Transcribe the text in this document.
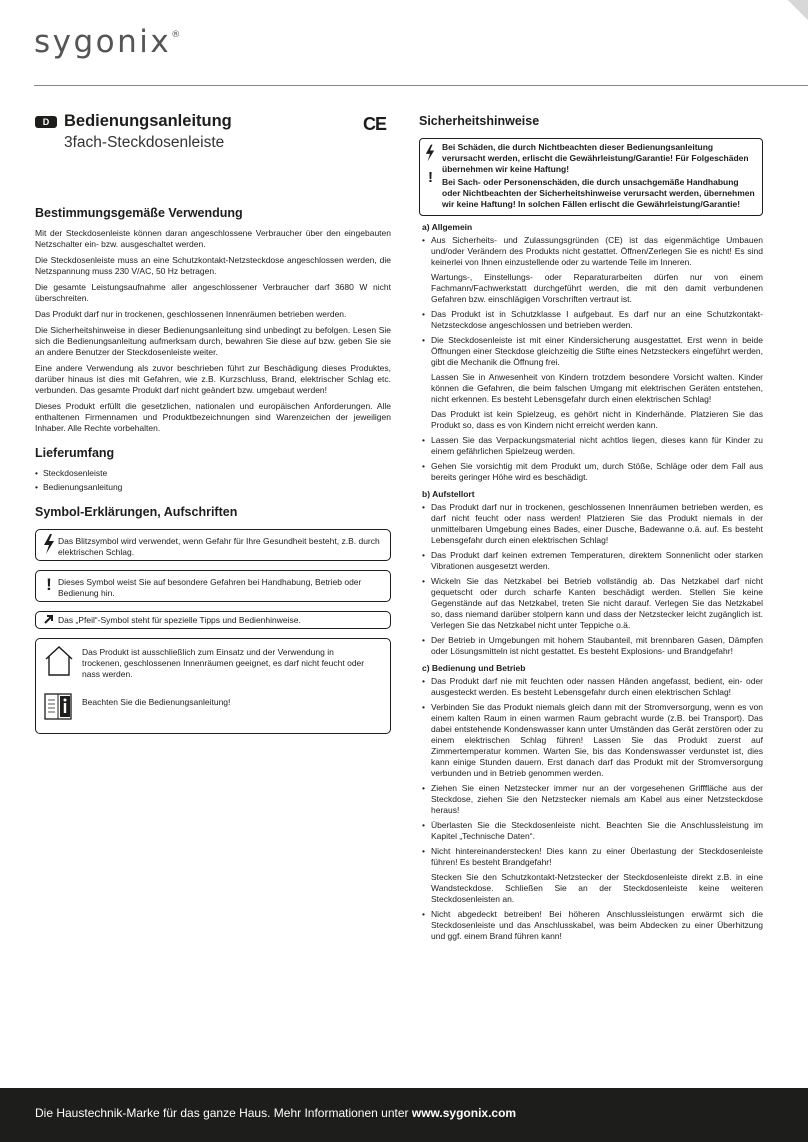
sygonix®
D Bedienungsanleitung
3fach-Steckdosenleiste
CE
Bestimmungsgemäße Verwendung

Mit der Steckdosenleiste können daran angeschlossene Verbraucher über den eingebauten Netzschalter ein- bzw. ausgeschaltet werden.

Die Steckdosenleiste muss an eine Schutzkontakt-Netzsteckdose angeschlossen werden, die Netzspannung muss 230 V/AC, 50 Hz betragen.

Die gesamte Leistungsaufnahme aller angeschlossener Verbraucher darf 3680 W nicht überschreiten.

Das Produkt darf nur in trockenen, geschlossenen Innenräumen betrieben werden.

Die Sicherheitshinweise in dieser Bedienungsanleitung sind unbedingt zu befolgen. Lesen Sie sich die Bedienungsanleitung aufmerksam durch, bewahren Sie diese auf bzw. geben Sie sie an andere Benutzer der Steckdosenleiste weiter.

Eine andere Verwendung als zuvor beschrieben führt zur Beschädigung dieses Produktes, darüber hinaus ist dies mit Gefahren, wie z.B. Kurzschluss, Brand, elektrischer Schlag etc. verbunden. Das gesamte Produkt darf nicht geändert bzw. umgebaut werden!

Dieses Produkt erfüllt die gesetzlichen, nationalen und europäischen Anforderungen. Alle enthaltenen Firmennamen und Produktbezeichnungen sind Warenzeichen der jeweiligen Inhaber. Alle Rechte vorbehalten.

Lieferumfang
• Steckdosenleiste
• Bedienungsanleitung
Symbol-Erklärungen, Aufschriften
Das Blitzsymbol wird verwendet, wenn Gefahr für Ihre Gesundheit besteht, z.B. durch elektrischen Schlag.
! Dieses Symbol weist Sie auf besondere Gefahren bei Handhabung, Betrieb oder Bedienung hin.
Das „Pfeil“-Symbol steht für spezielle Tipps und Bedienhinweise.
Das Produkt ist ausschließlich zum Einsatz und der Verwendung in trockenen, geschlossenen Innenräumen geeignet, es darf nicht feucht oder nass werden.
Beachten Sie die Bedienungsanleitung!
Sicherheitshinweise
!
Bei Schäden, die durch Nichtbeachten dieser Bedienungsanleitung verursacht werden, erlischt die Gewährleistung/Garantie! Für Folgeschäden übernehmen wir keine Haftung!
Bei Sach- oder Personenschäden, die durch unsachgemäße Handhabung oder Nichtbeachten der Sicherheitshinweise verursacht werden, übernehmen wir keine Haftung! In solchen Fällen erlischt die Gewährleistung/Garantie!
a) Allgemein
• Aus Sicherheits- und Zulassungsgründen (CE) ist das eigenmächtige Umbauen und/oder Verändern des Produkts nicht gestattet. Öffnen/Zerlegen Sie es nicht! Es sind keinerlei von Ihnen einzustellende oder zu wartende Teile im Inneren.
Wartungs-, Einstellungs- oder Reparaturarbeiten dürfen nur von einem Fachmann/Fachwerkstatt durchgeführt werden, die mit den damit verbundenen Gefahren bzw. einschlägigen Vorschriften vertraut ist.
• Das Produkt ist in Schutzklasse I aufgebaut. Es darf nur an eine Schutzkontakt-Netzsteckdose angeschlossen und betrieben werden.
• Die Steckdosenleiste ist mit einer Kindersicherung ausgestattet. Erst wenn in beide Öffnungen einer Steckdose gleichzeitig die Stifte eines Netzsteckers eingeführt werden, gibt die Mechanik die Öffnung frei.
Lassen Sie in Anwesenheit von Kindern trotzdem besondere Vorsicht walten. Kinder können die Gefahren, die beim falschen Umgang mit elektrischen Geräten entstehen, nicht erkennen. Es besteht Lebensgefahr durch einen elektrischen Schlag!
Das Produkt ist kein Spielzeug, es gehört nicht in Kinderhände. Platzieren Sie das Produkt so, dass es von Kindern nicht erreicht werden kann.
• Lassen Sie das Verpackungsmaterial nicht achtlos liegen, dieses kann für Kinder zu einem gefährlichen Spielzeug werden.
• Gehen Sie vorsichtig mit dem Produkt um, durch Stöße, Schläge oder dem Fall aus bereits geringer Höhe wird es beschädigt.
b) Aufstellort
• Das Produkt darf nur in trockenen, geschlossenen Innenräumen betrieben werden, es darf nicht feucht oder nass werden! Platzieren Sie das Produkt niemals in der unmittelbaren Umgebung eines Bades, einer Dusche, Badewanne o.ä. auf. Es besteht Lebensgefahr durch einen elektrischen Schlag!
• Das Produkt darf keinen extremen Temperaturen, direktem Sonnenlicht oder starken Vibrationen ausgesetzt werden.
• Wickeln Sie das Netzkabel bei Betrieb vollständig ab. Das Netzkabel darf nicht gequetscht oder durch scharfe Kanten beschädigt werden. Stellen Sie keine Gegenstände auf das Netzkabel, treten Sie nicht darauf. Verlegen Sie das Netzkabel so, dass niemand darüber stolpern kann und dass der Netzstecker leicht zugänglich ist. Verlegen Sie das Netzkabel nicht unter Teppiche o.ä.
• Der Betrieb in Umgebungen mit hohem Staubanteil, mit brennbaren Gasen, Dämpfen oder Lösungsmitteln ist nicht gestattet. Es besteht Explosions- und Brandgefahr!
c) Bedienung und Betrieb
• Das Produkt darf nie mit feuchten oder nassen Händen angefasst, bedient, ein- oder ausgesteckt werden. Es besteht Lebensgefahr durch einen elektrischen Schlag!
• Verbinden Sie das Produkt niemals gleich dann mit der Stromversorgung, wenn es von einem kalten Raum in einen warmen Raum gebracht wurde (z.B. bei Transport). Das dabei entstehende Kondenswasser kann unter Umständen das Gerät zerstören oder zu einem elektrischen Schlag führen! Lassen Sie das Produkt zuerst auf Zimmertemperatur kommen. Warten Sie, bis das Kondenswasser verdunstet ist, dies kann einige Stunden dauern. Erst danach darf das Produkt mit der Stromversorgung verbunden und in Betrieb genommen werden.
• Ziehen Sie einen Netzstecker immer nur an der vorgesehenen Grifffläche aus der Steckdose, ziehen Sie den Netzstecker niemals am Kabel aus einer Netzsteckdose heraus!
• Überlasten Sie die Steckdosenleiste nicht. Beachten Sie die Anschlussleistung im Kapitel „Technische Daten“.
• Nicht hintereinanderstecken! Dies kann zu einer Überlastung der Steckdosenleiste führen! Es besteht Brandgefahr!
Stecken Sie den Schutzkontakt-Netzstecker der Steckdosenleiste direkt z.B. in eine Wandsteckdose. Schließen Sie an der Steckdosenleiste keine weiteren Steckdosenleisten an.
• Nicht abgedeckt betreiben! Bei höheren Anschlussleistungen erwärmt sich die Steckdosenleiste und das Anschlusskabel, was beim Abdecken zu einer Überhitzung und ggf. einem Brand führen kann!
Die Haustechnik-Marke für das ganze Haus. Mehr Informationen unter www.sygonix.com
